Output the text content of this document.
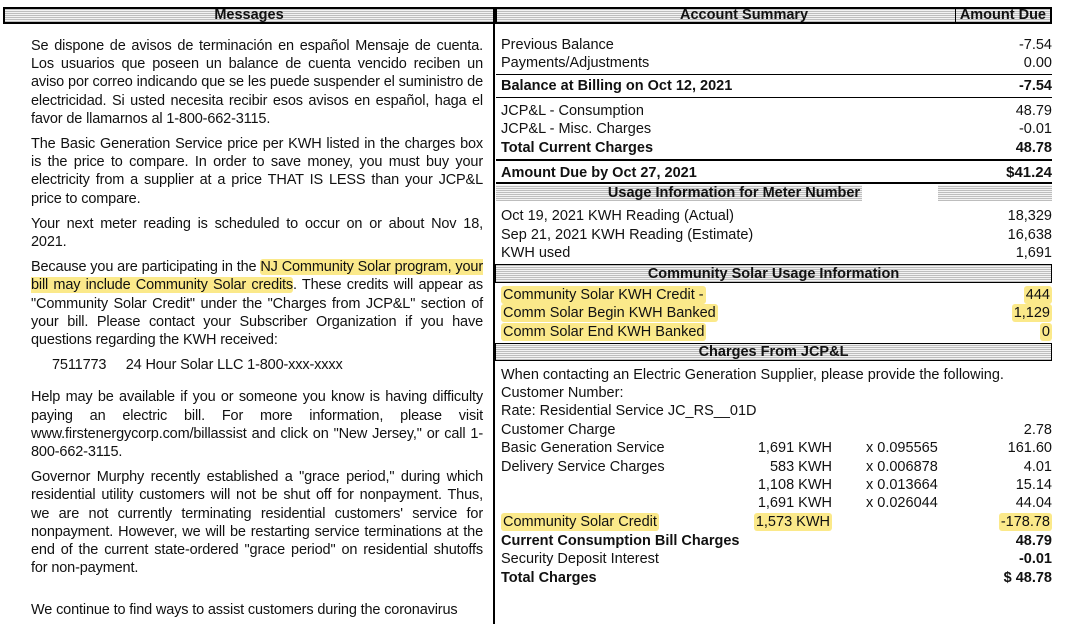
Messages	Account Summary	Amount Due

Se dispone de avisos de terminación en español Mensaje de cuenta. Los usuarios que poseen un balance de cuenta vencido reciben un aviso por correo indicando que se les puede suspender el suministro de electricidad. Si usted necesita recibir esos avisos en español, haga el favor de llamarnos al 1-800-662-3115.

The Basic Generation Service price per KWH listed in the charges box is the price to compare. In order to save money, you must buy your electricity from a supplier at a price THAT IS LESS than your JCP&L price to compare.

Your next meter reading is scheduled to occur on or about Nov 18, 2021.

Because you are participating in the NJ Community Solar program, your bill may include Community Solar credits. These credits will appear as "Community Solar Credit" under the "Charges from JCP&L" section of your bill. Please contact your Subscriber Organization if you have questions regarding the KWH received:

7511773 24 Hour Solar LLC 1-800-xxx-xxxx

Help may be available if you or someone you know is having difficulty paying an electric bill. For more information, please visit www.firstenergycorp.com/billassist and click on "New Jersey," or call 1-800-662-3115.

Governor Murphy recently established a "grace period," during which residential utility customers will not be shut off for nonpayment. Thus, we are not currently terminating residential customers' service for nonpayment. However, we will be restarting service terminations at the end of the current state-ordered "grace period" on residential shutoffs for non-payment.

We continue to find ways to assist customers during the coronavirus
Previous Balance	-7.54
Payments/Adjustments	0.00
Balance at Billing on Oct 12, 2021	-7.54
JCP&L - Consumption	48.79
JCP&L - Misc. Charges	-0.01
Total Current Charges	48.78
Amount Due by Oct 27, 2021	$41.24
Usage Information for Meter Number
Oct 19, 2021 KWH Reading (Actual)	18,329
Sep 21, 2021 KWH Reading (Estimate)	16,638
KWH used	1,691
Community Solar Usage Information
Community Solar KWH Credit -	444
Comm Solar Begin KWH Banked	1,129
Comm Solar End KWH Banked	0
Charges From JCP&L
When contacting an Electric Generation Supplier, please provide the following.
Customer Number:
Rate: Residential Service JC_RS__01D
Customer Charge	2.78
Basic Generation Service	1,691 KWH x 0.095565	161.60
Delivery Service Charges	583 KWH x 0.006878	4.01
1,108 KWH x 0.013664	15.14
1,691 KWH x 0.026044	44.04
Community Solar Credit	1,573 KWH	-178.78
Current Consumption Bill Charges	48.79
Security Deposit Interest	-0.01
Total Charges	$ 48.78
